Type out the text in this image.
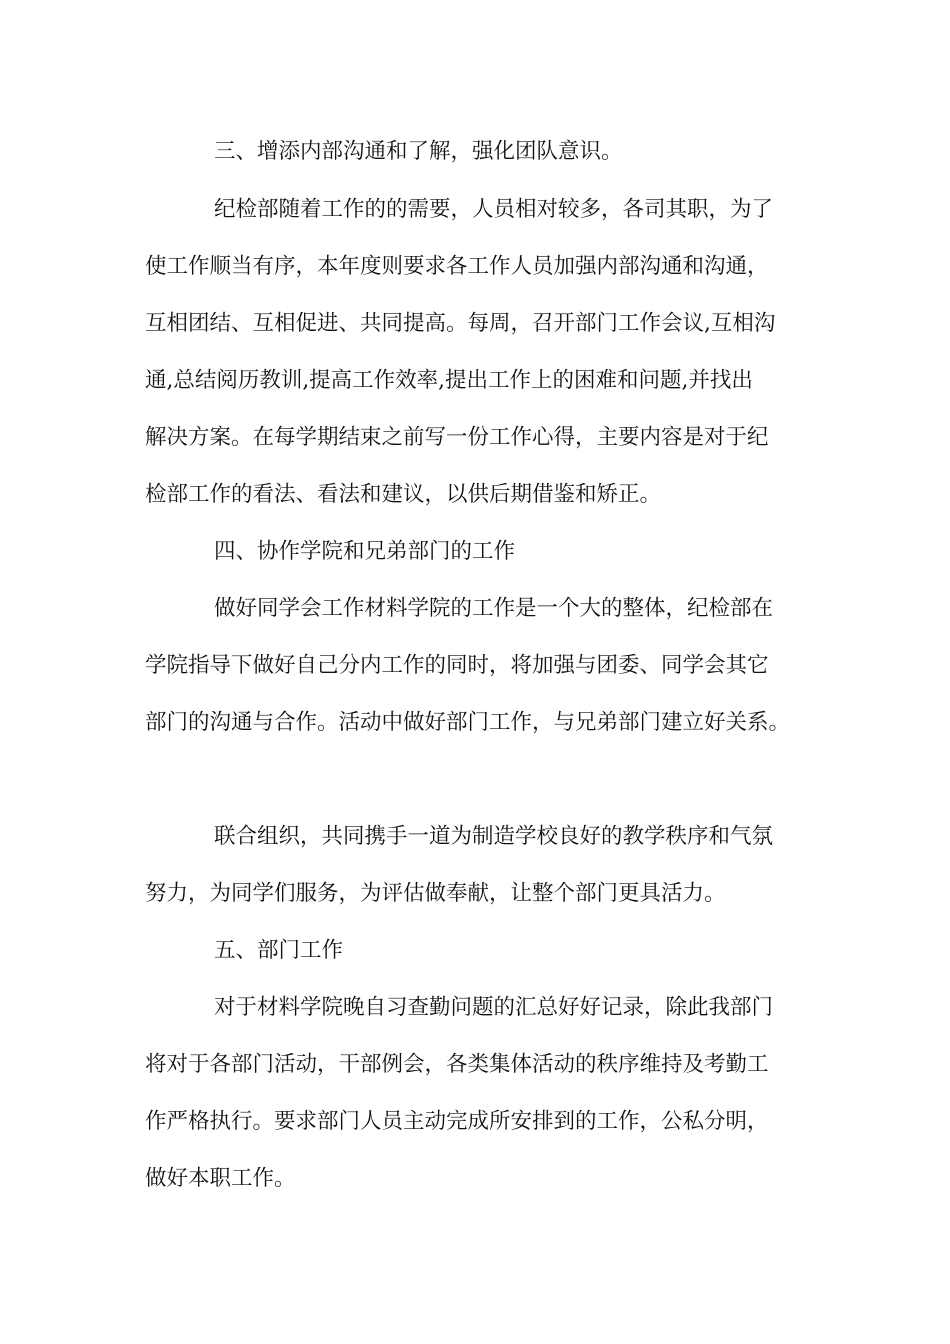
三、增添内部沟通和了解，强化团队意识。
纪检部随着工作的的需要，人员相对较多，各司其职，为了
使工作顺当有序，本年度则要求各工作人员加强内部沟通和沟通，
互相团结、互相促进、共同提高。每周，召开部门工作会议,互相沟
通,总结阅历教训,提高工作效率,提出工作上的困难和问题,并找出
解决方案。在每学期结束之前写一份工作心得，主要内容是对于纪
检部工作的看法、看法和建议，以供后期借鉴和矫正。
四、协作学院和兄弟部门的工作
做好同学会工作材料学院的工作是一个大的整体，纪检部在
学院指导下做好自己分内工作的同时，将加强与团委、同学会其它
部门的沟通与合作。活动中做好部门工作，与兄弟部门建立好关系。
联合组织，共同携手一道为制造学校良好的教学秩序和气氛
努力，为同学们服务，为评估做奉献，让整个部门更具活力。
五、部门工作
对于材料学院晚自习查勤问题的汇总好好记录，除此我部门
将对于各部门活动，干部例会，各类集体活动的秩序维持及考勤工
作严格执行。要求部门人员主动完成所安排到的工作，公私分明，
做好本职工作。
